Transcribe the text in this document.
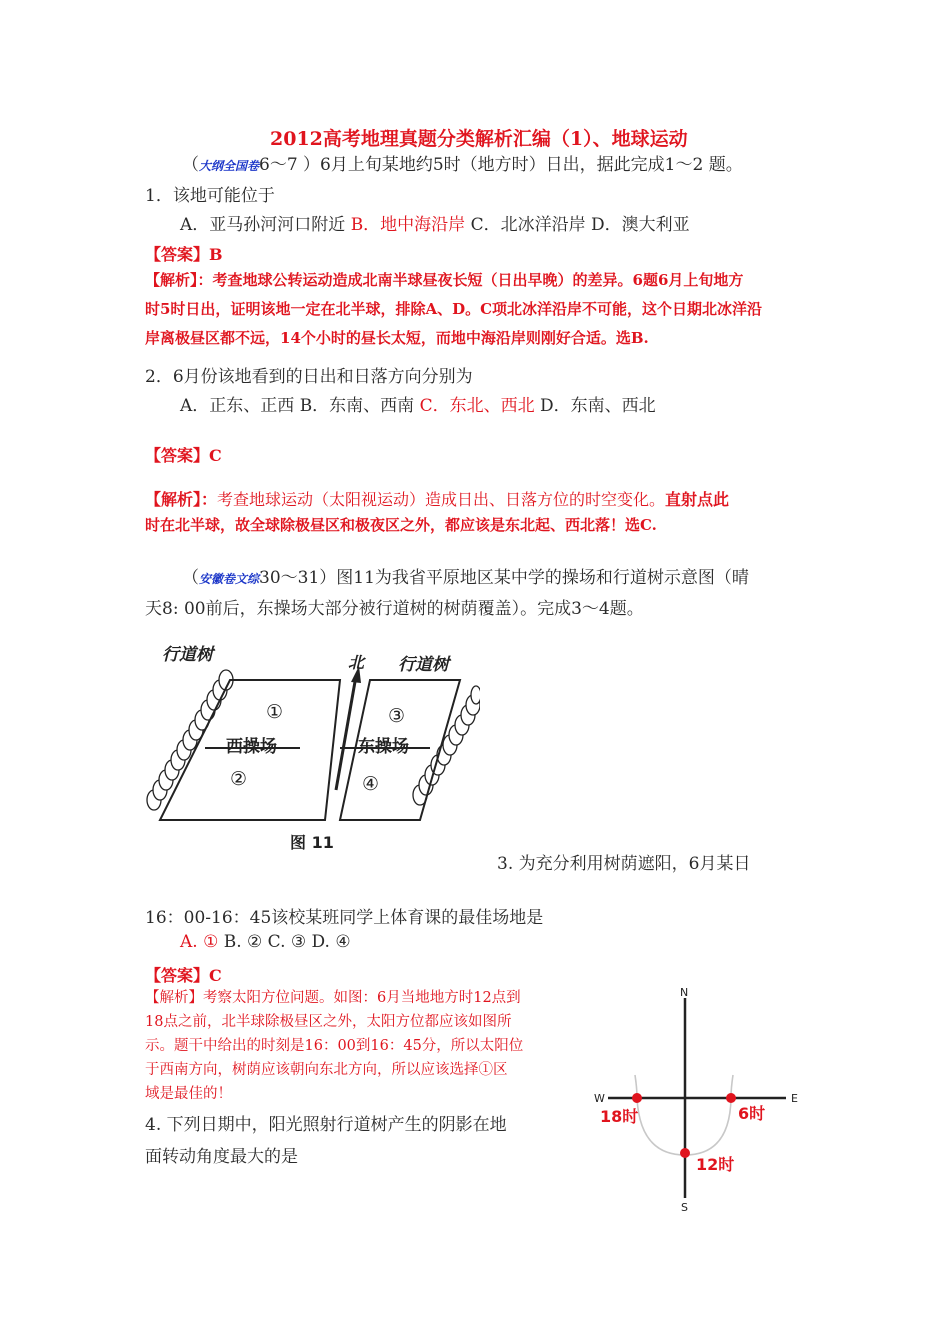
2012高考地理真题分类解析汇编（1）、地球运动
（大纲全国卷6～7 ）6月上旬某地约5时（地方时）日出，据此完成1～2 题。
1．该地可能位于
A．亚马孙河河口附近 B．地中海沿岸 C．北冰洋沿岸 D．澳大利亚
【答案】B
【解析】：考查地球公转运动造成北南半球昼夜长短（日出早晚）的差异。6题6月上旬地方
时5时日出，证明该地一定在北半球，排除A、D。C项北冰洋沿岸不可能，这个日期北冰洋沿
岸离极昼区都不远，14个小时的昼长太短，而地中海沿岸则刚好合适。选B.
2．6月份该地看到的日出和日落方向分别为
A．正东、正西 B．东南、西南 C．东北、西北 D．东南、西北
【答案】C
【解析】：考查地球运动（太阳视运动）造成日出、日落方位的时空变化。直射点此
时在北半球，故全球除极昼区和极夜区之外，都应该是东北起、西北落！选C.
（安徽卷文综30～31）图11为我省平原地区某中学的操场和行道树示意图（晴
天8: 00前后，东操场大部分被行道树的树荫覆盖）。完成3～4题。
北
行道树	行道树
西操场	东操场
①
②
③
④
图 11
3. 为充分利用树荫遮阳，6月某日
16：00-16：45该校某班同学上体育课的最佳场地是
A. ① B. ② C. ③ D. ④
【答案】C
【解析】考察太阳方位问题。如图：6月当地地方时12点到
18点之前，北半球除极昼区之外，太阳方位都应该如图所
示。题干中给出的时刻是16：00到16：45分，所以太阳位
于西南方向，树荫应该朝向东北方向，所以应该选择①区
域是最佳的！
4. 下列日期中，阳光照射行道树产生的阴影在地
面转动角度最大的是
N
S
W	E
18时	6时
12时
